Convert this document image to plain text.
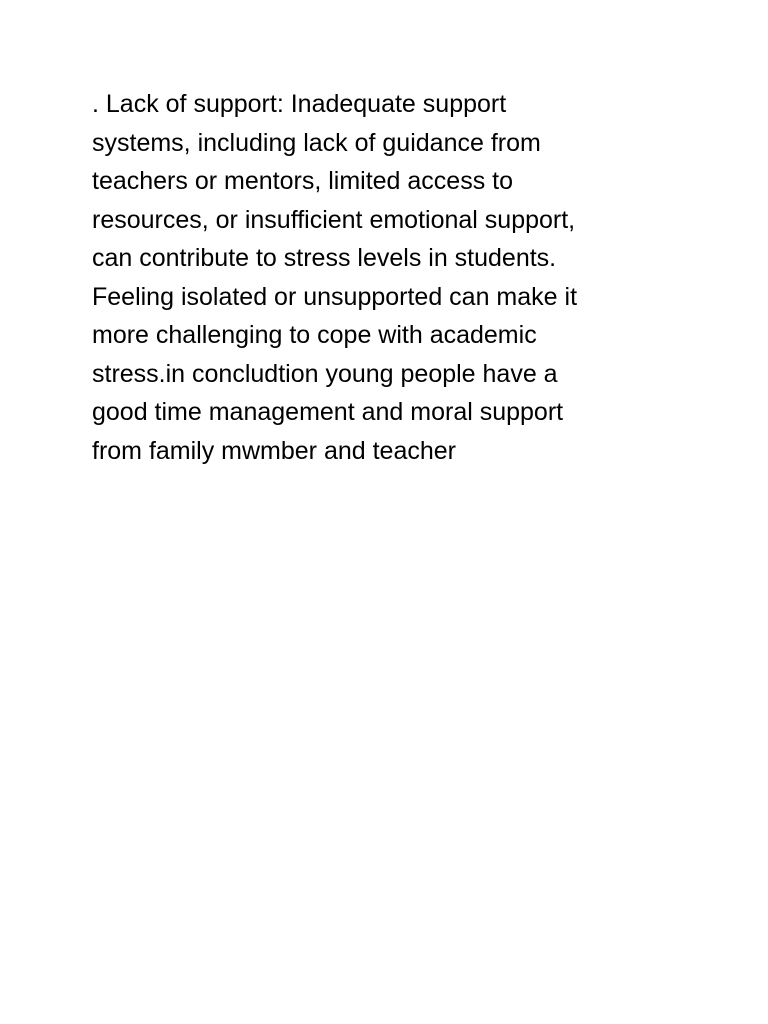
. Lack of support: Inadequate support
systems, including lack of guidance from
teachers or mentors, limited access to
resources, or insufficient emotional support,
can contribute to stress levels in students.
Feeling isolated or unsupported can make it
more challenging to cope with academic
stress.in concludtion young people have a
good time management and moral support
from family mwmber and teacher
